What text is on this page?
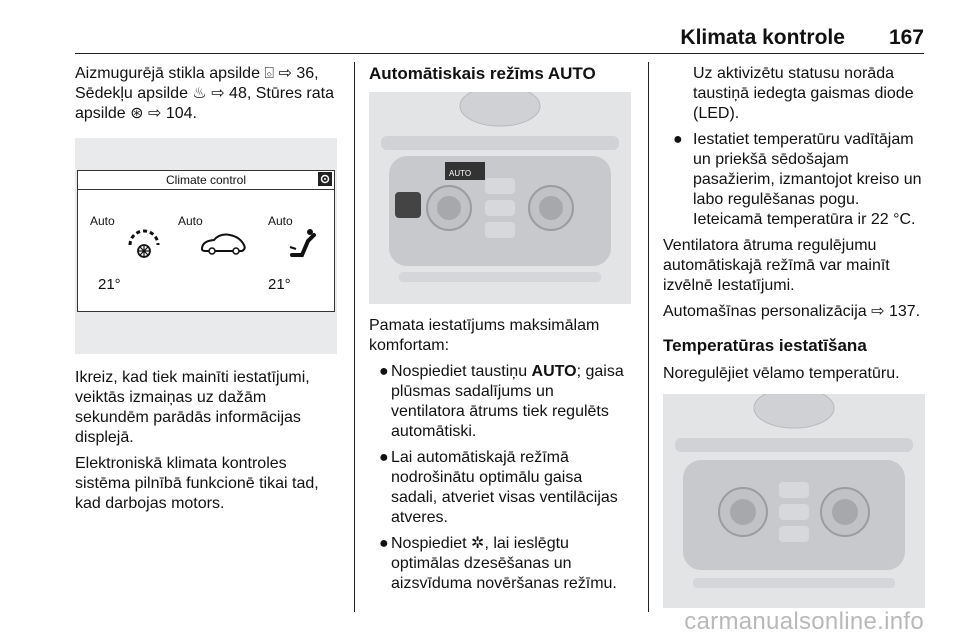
Klimata kontrole 167

Aizmugurējā stikla apsilde ⌺ ⇨ 36,
Sēdekļu apsilde ♨ ⇨ 48, Stūres rata
apsilde ⊛ ⇨ 104.

Climate control
Auto	Auto	Auto
21°	21°

Ikreiz, kad tiek mainīti iestatījumi,
veiktās izmaiņas uz dažām
sekundēm parādās informācijas
displejā.

Elektroniskā klimata kontroles
sistēma pilnībā funkcionē tikai tad,
kad darbojas motors.

Automātiskais režīms AUTO
AUTO

Pamata iestatījums maksimālam
komfortam:

● Nospiediet taustiņu AUTO; gaisa
plūsmas sadalījums un
ventilatora ātrums tiek regulēts
automātiski.
● Lai automātiskajā režīmā
nodrošinātu optimālu gaisa
sadali, atveriet visas ventilācijas
atveres.
● Nospiediet ✲, lai ieslēgtu
optimālas dzesēšanas un
aizsvīduma novēršanas režīmu.

Uz aktivizētu statusu norāda
taustiņā iedegta gaismas diode
(LED).

● Iestatiet temperatūru vadītājam
un priekšā sēdošajam
pasažierim, izmantojot kreiso un
labo regulēšanas pogu.
Ieteicamā temperatūra ir 22 °C.

Ventilatora ātruma regulējumu
automātiskajā režīmā var mainīt
izvēlnē Iestatījumi.

Automašīnas personalizācija ⇨ 137.

Temperatūras iestatīšana

Noregulējiet vēlamo temperatūru.

carmanualsonline.info
